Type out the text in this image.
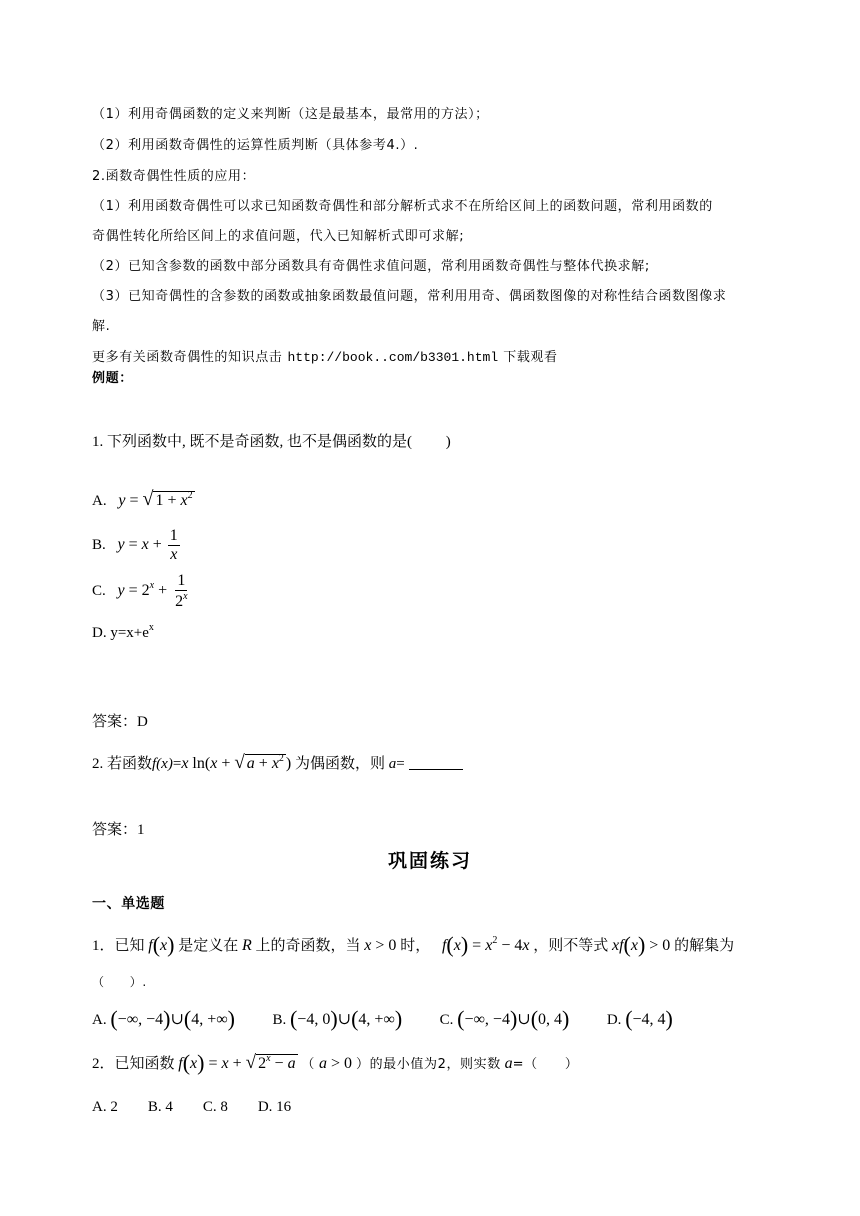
（1）利用奇偶函数的定义来判断（这是最基本，最常用的方法）；
（2）利用函数奇偶性的运算性质判断（具体参考4.）.
2.函数奇偶性性质的应用：
（1）利用函数奇偶性可以求已知函数奇偶性和部分解析式求不在所给区间上的函数问题，常利用函数的
奇偶性转化所给区间上的求值问题，代入已知解析式即可求解;
（2）已知含参数的函数中部分函数具有奇偶性求值问题，常利用函数奇偶性与整体代换求解;
（3）已知奇偶性的含参数的函数或抽象函数最值问题，常利用用奇、偶函数图像的对称性结合函数图像求
解.
更多有关函数奇偶性的知识点击 http://book..com/b3301.html 下载观看
例题：
1. 下列函数中, 既不是奇函数, 也不是偶函数的是(　　 )
A. y = √ $1 + x^2$
B. $y = x + \frac{1}{x}$
C. $y = 2^x + \frac{1}{2^x}$
D. $y=x+e^x$
答案：D
2. 若函数f(x)=x ln(x + √ $a + x^2$ ) 为偶函数，则 a=
答案：1
巩固练习
一、单选题
1．已知 f(x) 是定义在 R 上的奇函数，当 x > 0 时， $f(x) = x^2 - 4x$ ，则不等式 xf(x) > 0 的解集为
（　　）.
A. (−∞, −4)∪(4, +∞)	B. (−4, 0)∪(4, +∞)	C. (−∞, −4)∪(0, 4)	D. (−4, 4)
2．已知函数 f(x) = x + √ $2^x - a$ （ a > 0 ）的最小值为2，则实数 a=（　　）
A. 2　　B. 4　　C. 8　　D. 16
